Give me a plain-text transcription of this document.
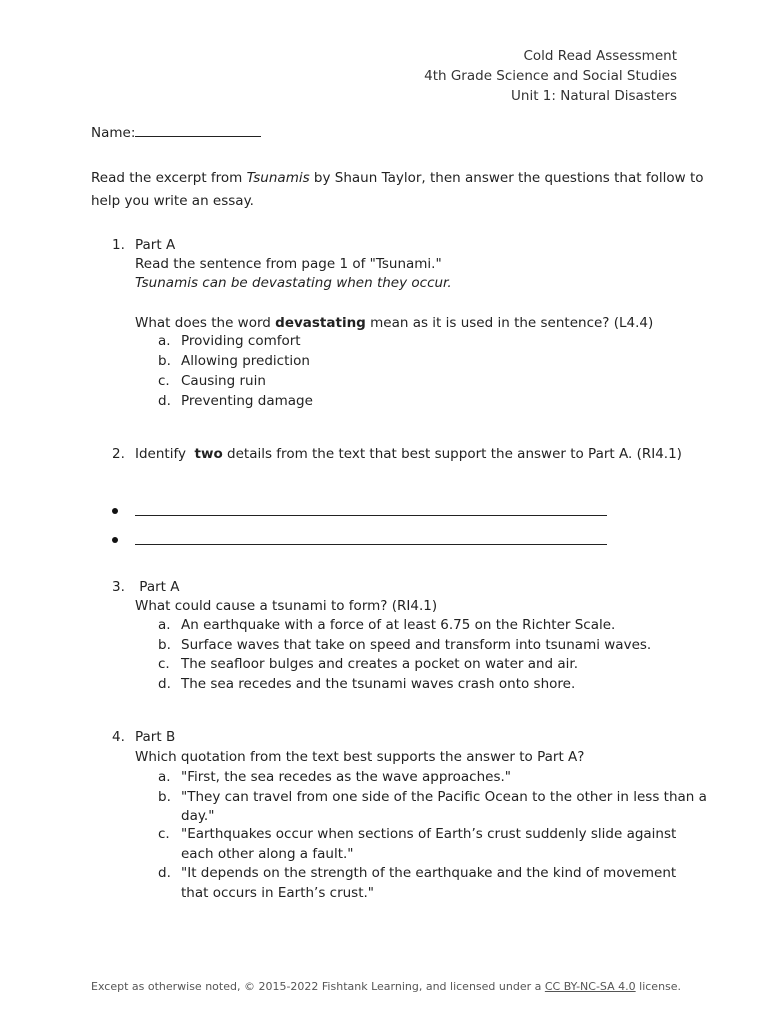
Cold Read Assessment
4th Grade Science and Social Studies
Unit 1: Natural Disasters
Name:
Read the excerpt from Tsunamis by Shaun Taylor, then answer the questions that follow to
help you write an essay.
1. Part A
Read the sentence from page 1 of "Tsunami."
Tsunamis can be devastating when they occur.
What does the word devastating mean as it is used in the sentence? (L4.4)
a. Providing comfort
b. Allowing prediction
c. Causing ruin
d. Preventing damage
2. Identify  two details from the text that best support the answer to Part A. (RI4.1)
3. Part A
What could cause a tsunami to form? (RI4.1)
a. An earthquake with a force of at least 6.75 on the Richter Scale.
b. Surface waves that take on speed and transform into tsunami waves.
c. The seafloor bulges and creates a pocket on water and air.
d. The sea recedes and the tsunami waves crash onto shore.
4. Part B
Which quotation from the text best supports the answer to Part A?
a. "First, the sea recedes as the wave approaches."
b. "They can travel from one side of the Pacific Ocean to the other in less than a
day."
c. "Earthquakes occur when sections of Earth’s crust suddenly slide against
each other along a fault."
d. "It depends on the strength of the earthquake and the kind of movement
that occurs in Earth’s crust."
Except as otherwise noted, © 2015-2022 Fishtank Learning, and licensed under a CC BY-NC-SA 4.0 license.
